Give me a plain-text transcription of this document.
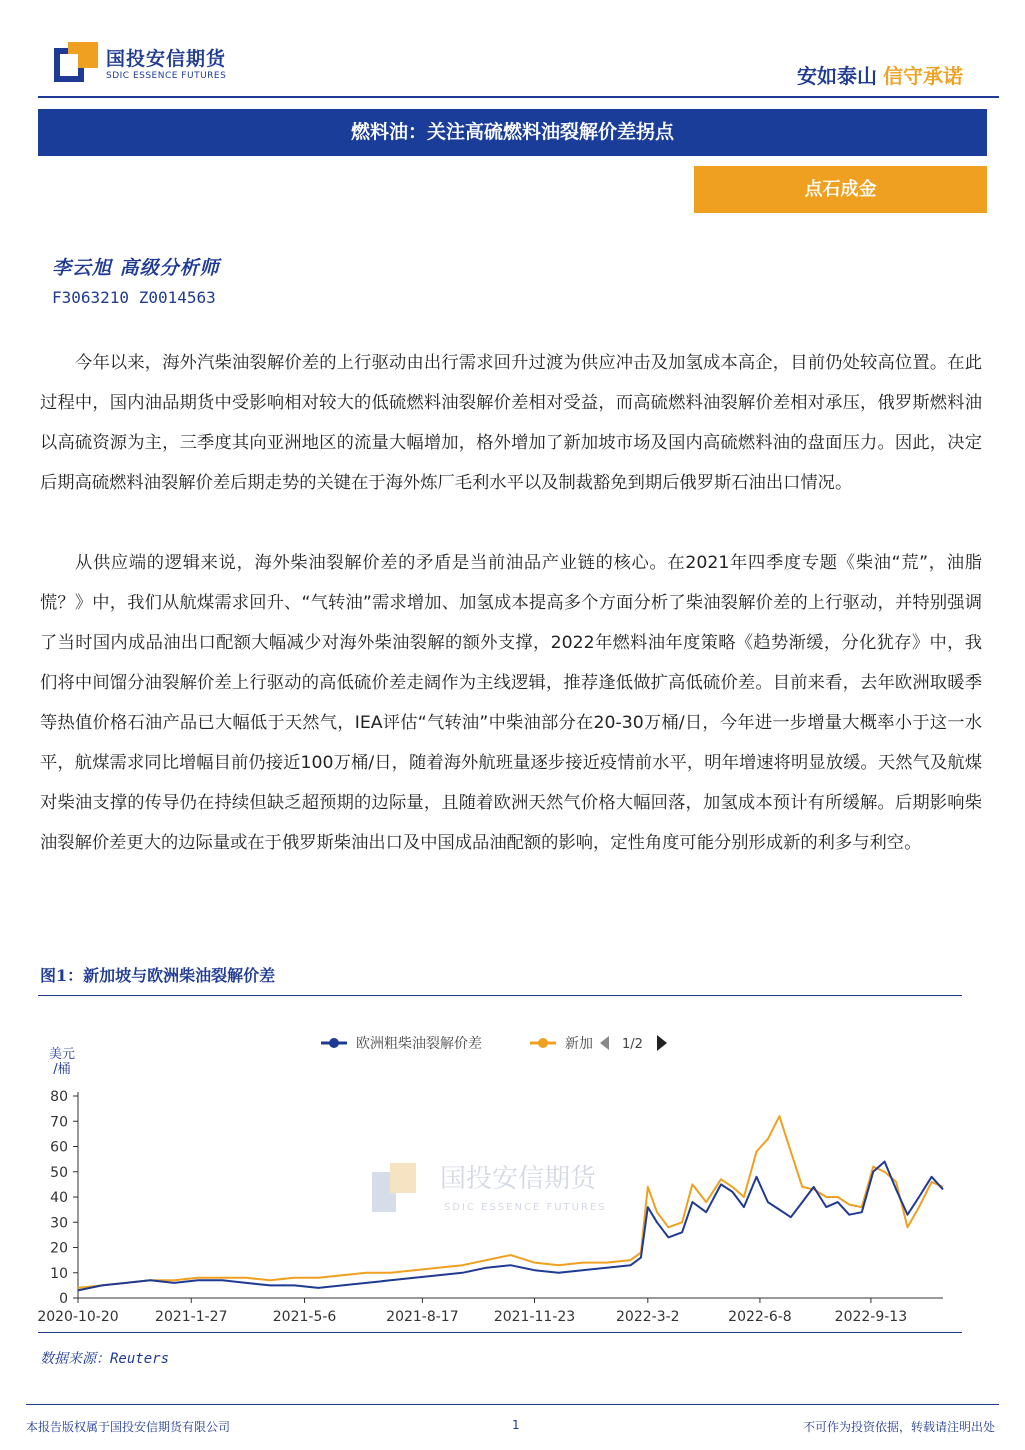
国投安信期货
SDIC ESSENCE FUTURES	安如泰山 信守承诺
燃料油：关注高硫燃料油裂解价差拐点
点石成金
李云旭 高级分析师
F3063210 Z0014563
今年以来，海外汽柴油裂解价差的上行驱动由出行需求回升过渡为供应冲击及加氢成本高企，目前仍处较高位置。在此过程中，国内油品期货中受影响相对较大的低硫燃料油裂解价差相对受益，而高硫燃料油裂解价差相对承压，俄罗斯燃料油以高硫资源为主，三季度其向亚洲地区的流量大幅增加，格外增加了新加坡市场及国内高硫燃料油的盘面压力。因此，决定后期高硫燃料油裂解价差后期走势的关键在于海外炼厂毛利水平以及制裁豁免到期后俄罗斯石油出口情况。
从供应端的逻辑来说，海外柴油裂解价差的矛盾是当前油品产业链的核心。在2021年四季度专题《柴油“荒”，油脂慌？》中，我们从航煤需求回升、“气转油”需求增加、加氢成本提高多个方面分析了柴油裂解价差的上行驱动，并特别强调了当时国内成品油出口配额大幅减少对海外柴油裂解的额外支撑，2022年燃料油年度策略《趋势渐缓，分化犹存》中，我们将中间馏分油裂解价差上行驱动的高低硫价差走阔作为主线逻辑，推荐逢低做扩高低硫价差。目前来看，去年欧洲取暖季等热值价格石油产品已大幅低于天然气，IEA评估“气转油”中柴油部分在20-30万桶/日，今年进一步增量大概率小于这一水平，航煤需求同比增幅目前仍接近100万桶/日，随着海外航班量逐步接近疫情前水平，明年增速将明显放缓。天然气及航煤对柴油支撑的传导仍在持续但缺乏超预期的边际量，且随着欧洲天然气价格大幅回落，加氢成本预计有所缓解。后期影响柴油裂解价差更大的边际量或在于俄罗斯柴油出口及中国成品油配额的影响，定性角度可能分别形成新的利多与利空。
图1：新加坡与欧洲柴油裂解价差
国投安信期货
SDIC ESSENCE FUTURES
欧洲粗柴油裂解价差	新加 1/2
美元
/桶
0
10
20
30
40
50
60
70
80
2020-10-20	2021-1-27	2021-5-6	2021-8-17	2021-11-23	2022-3-2	2022-6-8	2022-9-13
数据来源：Reuters
本报告版权属于国投安信期货有限公司	1	不可作为投资依据，转载请注明出处
